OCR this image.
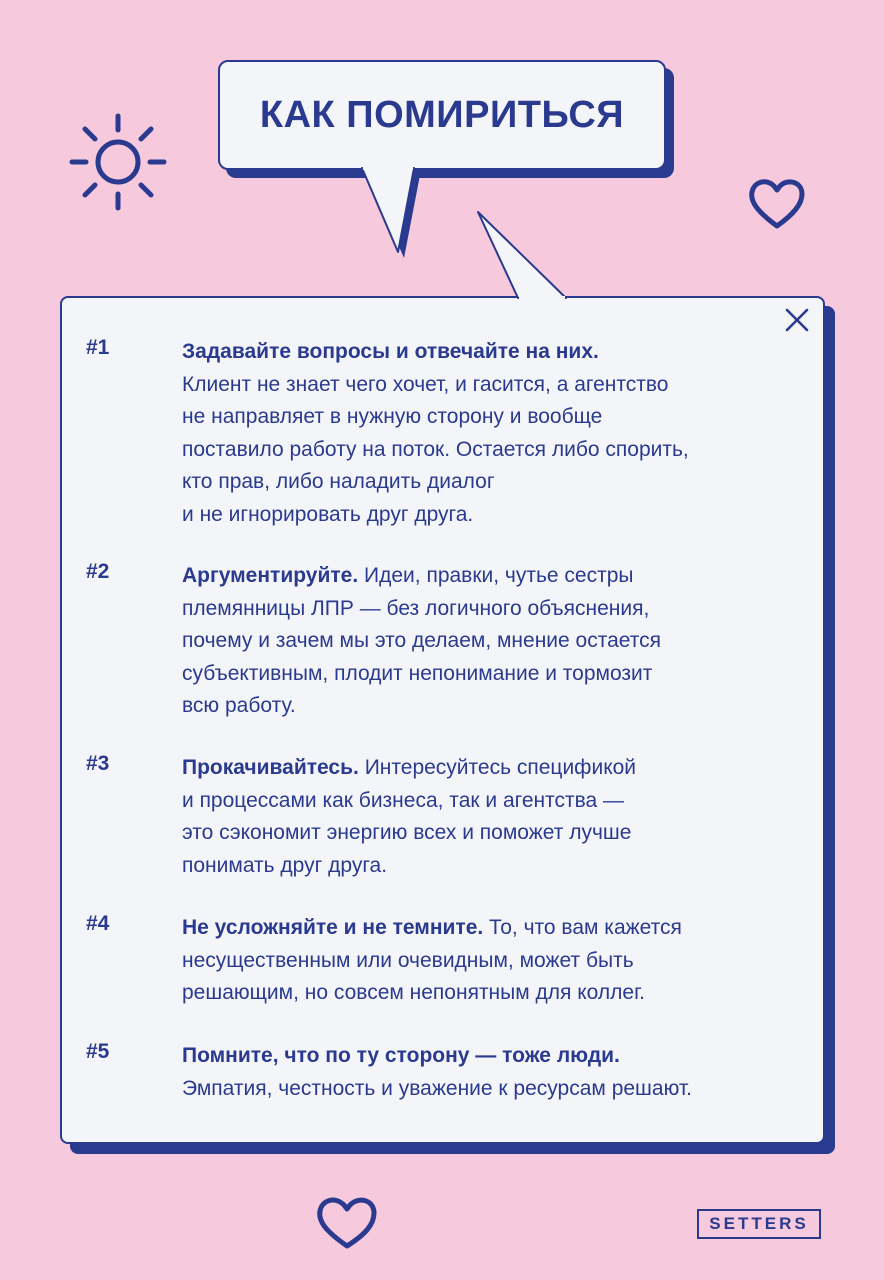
КАК ПОМИРИТЬСЯ
#1	Задавайте вопросы и отвечайте на них.
Клиент не знает чего хочет, и гасится, а агентство
не направляет в нужную сторону и вообще
поставило работу на поток. Остается либо спорить,
кто прав, либо наладить диалог
и не игнорировать друг друга.
#2	Аргументируйте. Идеи, правки, чутье сестры
племянницы ЛПР — без логичного объяснения,
почему и зачем мы это делаем, мнение остается
субъективным, плодит непонимание и тормозит
всю работу.
#3	Прокачивайтесь. Интересуйтесь спецификой
и процессами как бизнеса, так и агентства —
это сэкономит энергию всех и поможет лучше
понимать друг друга.
#4	Не усложняйте и не темните. То, что вам кажется
несущественным или очевидным, может быть
решающим, но совсем непонятным для коллег.
#5	Помните, что по ту сторону — тоже люди.
Эмпатия, честность и уважение к ресурсам решают.
SETTERS
